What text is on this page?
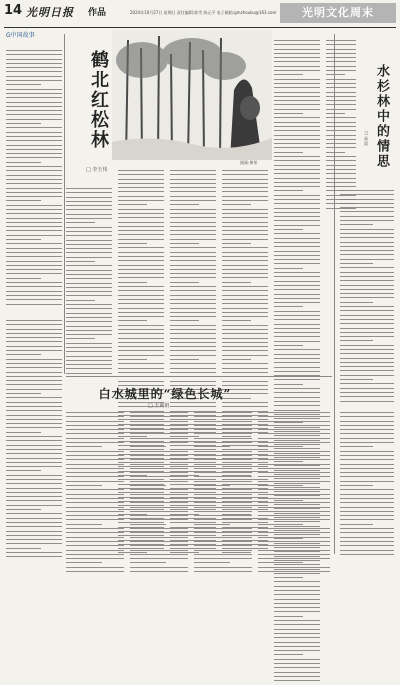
14 光明日报 作品	2024年10月27日 星期日 责任编辑:陈雪 陈元平 电子邮箱:gmzhouku@163.com	光明文化周末
G中国故事
鹤北红松林
□ 李玉伟
插画:黄荣	水杉林中的情思
□ 高 晨
白水城里的“绿色长城”
□ 王利娟
